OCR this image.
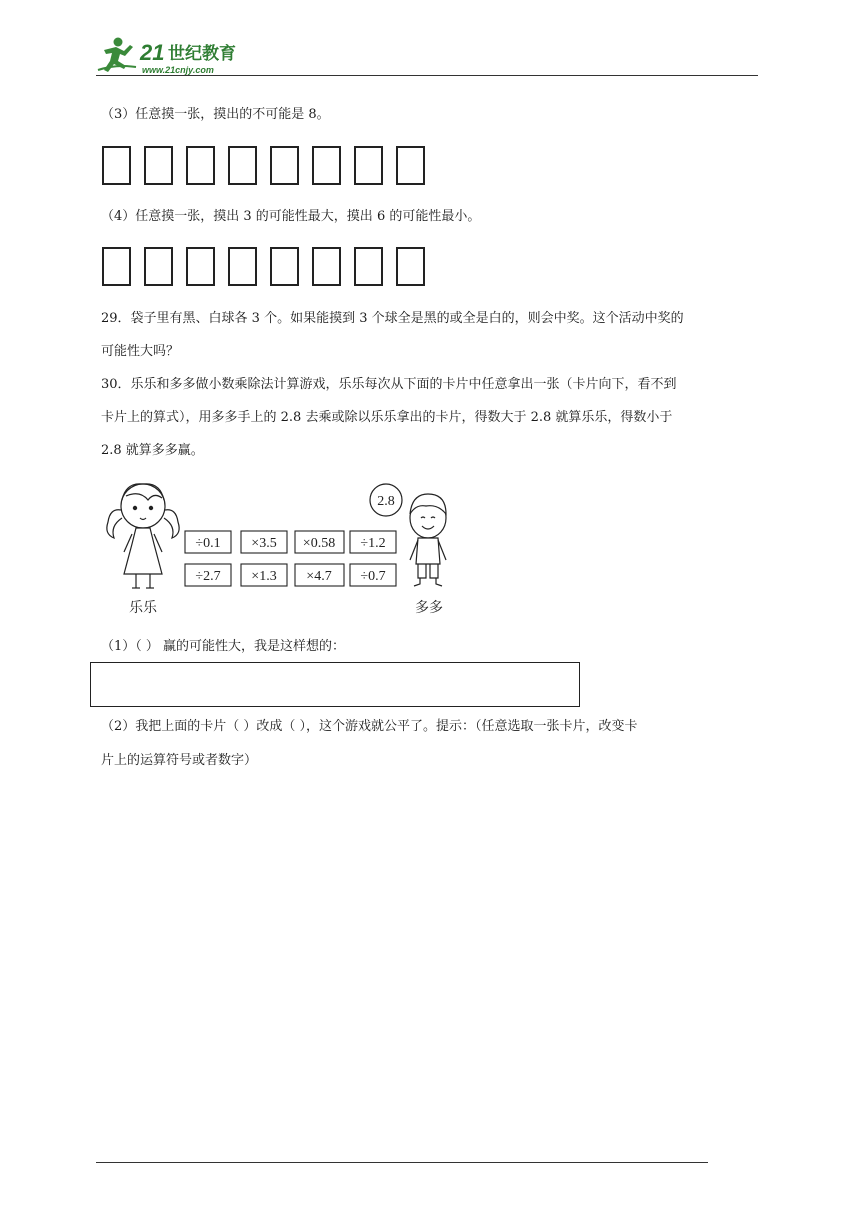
21 世纪教育
www.21cnjy.com
（3）任意摸一张，摸出的不可能是 8。
（4）任意摸一张，摸出 3 的可能性最大，摸出 6 的可能性最小。
29．袋子里有黑、白球各 3 个。如果能摸到 3 个球全是黑的或全是白的，则会中奖。这个活动中奖的
可能性大吗？
30．乐乐和多多做小数乘除法计算游戏，乐乐每次从下面的卡片中任意拿出一张（卡片向下，看不到
卡片上的算式），用多多手上的 2.8 去乘或除以乐乐拿出的卡片，得数大于 2.8 就算乐乐，得数小于
2.8 就算多多赢。
乐乐
÷0.1 ×3.5 ×0.58 ÷1.2
÷2.7 ×1.3 ×4.7 ÷0.7
2.8
多多
（1）（ ） 赢的可能性大，我是这样想的：
（2）我把上面的卡片（ ）改成（ ），这个游戏就公平了。提示：（任意选取一张卡片，改变卡
片上的运算符号或者数字）
